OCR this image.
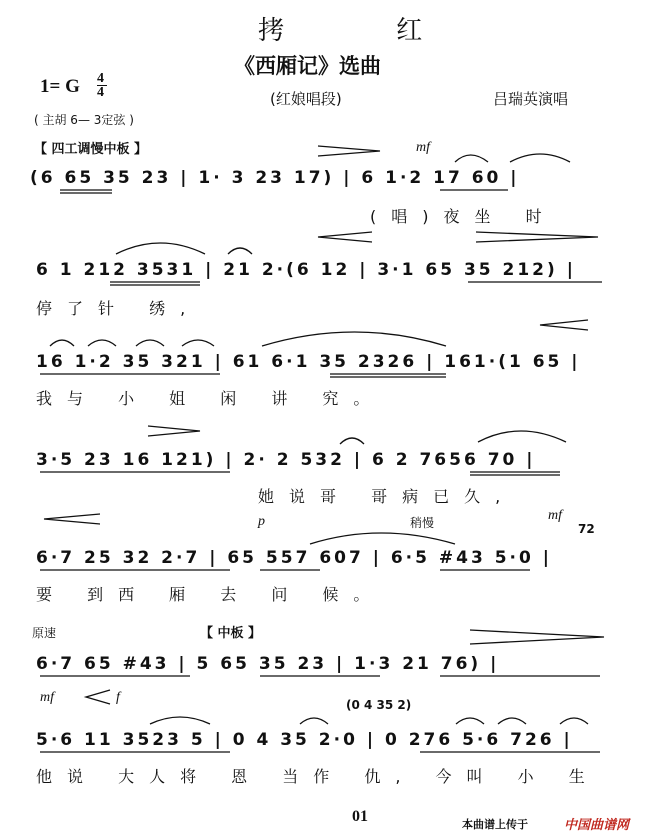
拷 红
《西厢记》选曲
(红娘唱段)	吕瑞英演唱
1= G 4
4
( 主胡 6— 3定弦 )
【 四工调慢中板 】	mf
(6 65 35 23 | 1· 3 23 17) | 6 1·2 17 60 |
(唱)夜坐 时
6 1 212 3531 | 21 2·(6 12 | 3·1 65 35 212) |
停了针 绣,
16 1·2 35 321 | 61 6·1 35 2326 | 161·(1 65 |
我与 小 姐 闲 讲 究。
3·5 23 16 121) | 2· 2 532 | 6 2 7656 70 |
她说哥 哥病已久,
p	稍慢	mf
72
6·7 25 32 2·7 | 65 557 607 | 6·5 #43 5·0 |
要 到西 厢 去 问 候。
原速	【 中板 】
6·7 65 #43 | 5 65 35 23 | 1·3 21 76) |
mf	f	(0 4 35 2)
5·6 11 3523 5 | 0 4 35 2·0 | 0 276 5·6 726 |
他说 大人将 恩 当作 仇, 今叫 小 生
01	本曲谱上传于	中国曲谱网
